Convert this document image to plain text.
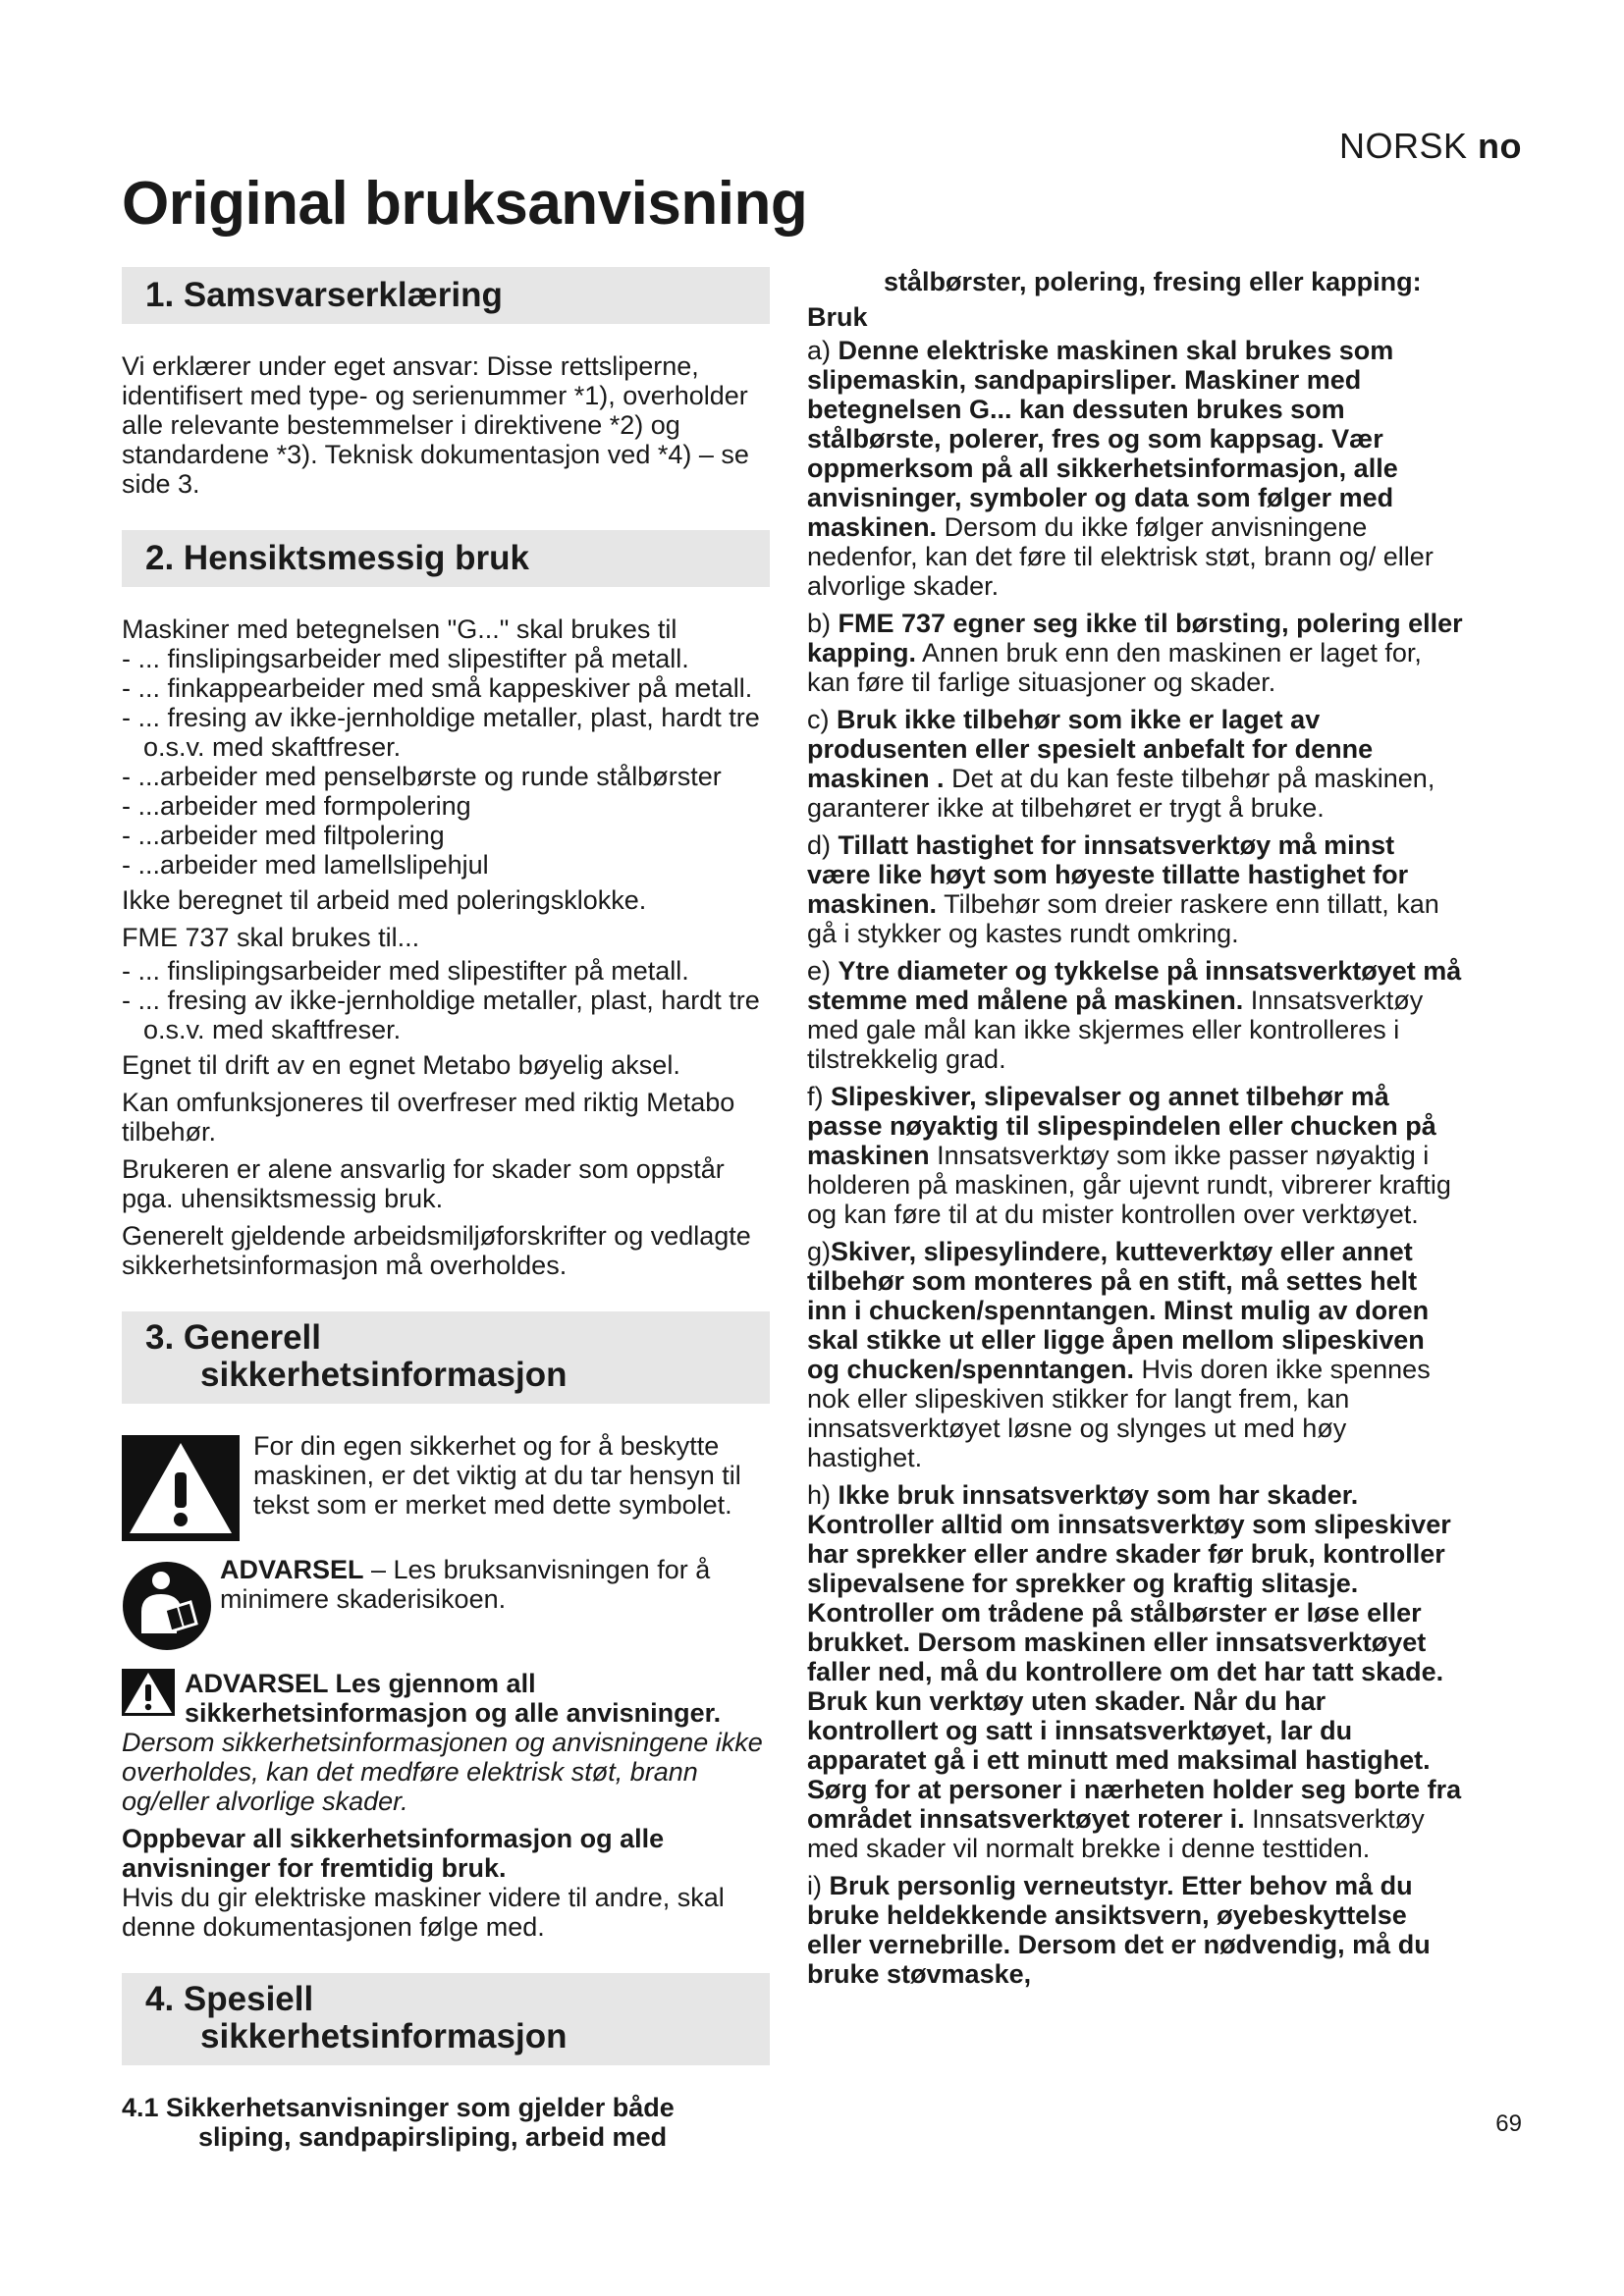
NORSK no
Original bruksanvisning
1. Samsvarserklæring

Vi erklærer under eget ansvar: Disse rettsliperne, identifisert med type- og serienummer *1), overholder alle relevante bestemmelser i direktivene *2) og standardene *3). Teknisk dokumentasjon ved *4) – se side 3.

2. Hensiktsmessig bruk

Maskiner med betegnelsen "G..." skal brukes til

- ... finslipingsarbeider med slipestifter på metall.
- ... finkappearbeider med små kappeskiver på metall.
- ... fresing av ikke-jernholdige metaller, plast, hardt tre o.s.v. med skaftfreser.
- ...arbeider med penselbørste og runde stålbørster
- ...arbeider med formpolering
- ...arbeider med filtpolering
- ...arbeider med lamellslipehjul

Ikke beregnet til arbeid med poleringsklokke.

FME 737 skal brukes til...

- ... finslipingsarbeider med slipestifter på metall.
- ... fresing av ikke-jernholdige metaller, plast, hardt tre o.s.v. med skaftfreser.

Egnet til drift av en egnet Metabo bøyelig aksel.

Kan omfunksjoneres til overfreser med riktig Metabo tilbehør.

Brukeren er alene ansvarlig for skader som oppstår pga. uhensiktsmessig bruk.

Generelt gjeldende arbeidsmiljøforskrifter og vedlagte sikkerhetsinformasjon må overholdes.

3. Generell
sikkerhetsinformasjon
For din egen sikkerhet og for å beskytte maskinen, er det viktig at du tar hensyn til tekst som er merket med dette symbolet.
ADVARSEL – Les bruksanvisningen for å minimere skaderisikoen.

ADVARSEL Les gjennom all sikkerhetsinformasjon og alle anvisninger. Dersom sikkerhetsinformasjonen og anvisningene ikke overholdes, kan det medføre elektrisk støt, brann og/eller alvorlige skader.

Oppbevar all sikkerhetsinformasjon og alle anvisninger for fremtidig bruk.

Hvis du gir elektriske maskiner videre til andre, skal denne dokumentasjonen følge med.

4. Spesiell
sikkerhetsinformasjon
4.1 Sikkerhetsanvisninger som gjelder både
sliping, sandpapirsliping, arbeid med
stålbørster, polering, fresing eller kapping:

Bruk

a) Denne elektriske maskinen skal brukes som slipemaskin, sandpapirsliper. Maskiner med betegnelsen G... kan dessuten brukes som stålbørste, polerer, fres og som kappsag. Vær oppmerksom på all sikkerhetsinformasjon, alle anvisninger, symboler og data som følger med maskinen. Dersom du ikke følger anvisningene nedenfor, kan det føre til elektrisk støt, brann og/ eller alvorlige skader.

b) FME 737 egner seg ikke til børsting, polering eller kapping. Annen bruk enn den maskinen er laget for, kan føre til farlige situasjoner og skader.

c) Bruk ikke tilbehør som ikke er laget av produsenten eller spesielt anbefalt for denne maskinen . Det at du kan feste tilbehør på maskinen, garanterer ikke at tilbehøret er trygt å bruke.

d) Tillatt hastighet for innsatsverktøy må minst være like høyt som høyeste tillatte hastighet for maskinen. Tilbehør som dreier raskere enn tillatt, kan gå i stykker og kastes rundt omkring.

e) Ytre diameter og tykkelse på innsatsverktøyet må stemme med målene på maskinen. Innsatsverktøy med gale mål kan ikke skjermes eller kontrolleres i tilstrekkelig grad.

f) Slipeskiver, slipevalser og annet tilbehør må passe nøyaktig til slipespindelen eller chucken på maskinen Innsatsverktøy som ikke passer nøyaktig i holderen på maskinen, går ujevnt rundt, vibrerer kraftig og kan føre til at du mister kontrollen over verktøyet.

g)Skiver, slipesylindere, kutteverktøy eller annet tilbehør som monteres på en stift, må settes helt inn i chucken/spenntangen. Minst mulig av doren skal stikke ut eller ligge åpen mellom slipeskiven og chucken/spenntangen. Hvis doren ikke spennes nok eller slipeskiven stikker for langt frem, kan innsatsverktøyet løsne og slynges ut med høy hastighet.

h) Ikke bruk innsatsverktøy som har skader. Kontroller alltid om innsatsverktøy som slipeskiver har sprekker eller andre skader før bruk, kontroller slipevalsene for sprekker og kraftig slitasje. Kontroller om trådene på stålbørster er løse eller brukket. Dersom maskinen eller innsatsverktøyet faller ned, må du kontrollere om det har tatt skade. Bruk kun verktøy uten skader. Når du har kontrollert og satt i innsatsverktøyet, lar du apparatet gå i ett minutt med maksimal hastighet. Sørg for at personer i nærheten holder seg borte fra området innsatsverktøyet roterer i. Innsatsverktøy med skader vil normalt brekke i denne testtiden.

i) Bruk personlig verneutstyr. Etter behov må du bruke heldekkende ansiktsvern, øyebeskyttelse eller vernebrille. Dersom det er nødvendig, må du bruke støvmaske,

69
